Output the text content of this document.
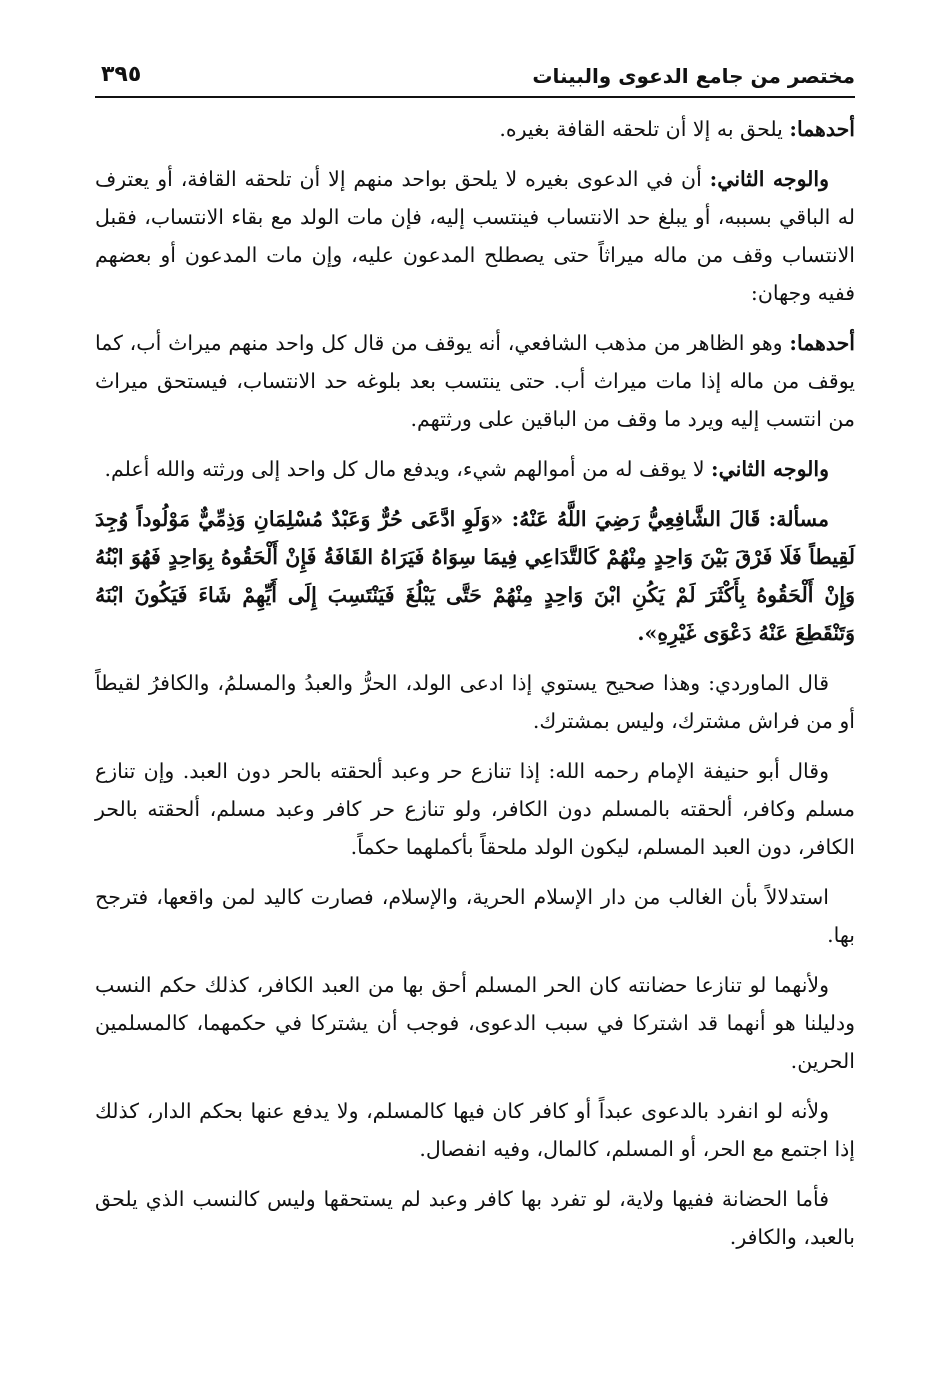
مختصر من جامع الدعوى والبينات
٣٩٥

أحدهما: يلحق به إلا أن تلحقه القافة بغيره.

والوجه الثاني: أن في الدعوى بغيره لا يلحق بواحد منهم إلا أن تلحقه القافة، أو يعترف له الباقي بسببه، أو يبلغ حد الانتساب فينتسب إليه، فإن مات الولد مع بقاء الانتساب، فقبل الانتساب وقف من ماله ميراثاً حتى يصطلح المدعون عليه، وإن مات المدعون أو بعضهم ففيه وجهان:

أحدهما: وهو الظاهر من مذهب الشافعي، أنه يوقف من قال كل واحد منهم ميراث أب، كما يوقف من ماله إذا مات ميراث أب. حتى ينتسب بعد بلوغه حد الانتساب، فيستحق ميراث من انتسب إليه ويرد ما وقف من الباقين على ورثتهم.

والوجه الثاني: لا يوقف له من أموالهم شيء، ويدفع مال كل واحد إلى ورثته والله أعلم.

مسألة: قَالَ الشَّافِعِيُّ رَضِيَ اللَّهُ عَنْهُ: «وَلَوِ ادَّعَى حُرٌّ وَعَبْدٌ مُسْلِمَانِ وَذِمِّيٌّ مَوْلُوداً وُجِدَ لَقِيطاً فَلَا فَرْقَ بَيْنَ وَاحِدٍ مِنْهُمْ كَالتَّدَاعِي فِيمَا سِوَاهُ فَيَرَاهُ القَافَةُ فَإِنْ أَلْحَقُوهُ بِوَاحِدٍ فَهُوَ ابْنُهُ وَإِنْ أَلْحَقُوهُ بِأَكْثَرَ لَمْ يَكُنِ ابْنَ وَاحِدٍ مِنْهُمْ حَتَّى يَبْلُغَ فَيَنْتَسِبَ إِلَى أَيِّهِمْ شَاءَ فَيَكُونَ ابْنَهُ وَتَنْقَطِعَ عَنْهُ دَعْوَى غَيْرِهِ».

قال الماوردي: وهذا صحيح يستوي إذا ادعى الولد، الحرُّ والعبدُ والمسلمُ، والكافرُ لقيطاً أو من فراش مشترك، وليس بمشترك.

وقال أبو حنيفة الإمام رحمه الله: إذا تنازع حر وعبد ألحقته بالحر دون العبد. وإن تنازع مسلم وكافر، ألحقته بالمسلم دون الكافر، ولو تنازع حر كافر وعبد مسلم، ألحقته بالحر الكافر، دون العبد المسلم، ليكون الولد ملحقاً بأكملهما حكماً.

استدلالاً بأن الغالب من دار الإسلام الحرية، والإسلام، فصارت كاليد لمن واقعها، فترجح بها.

ولأنهما لو تنازعا حضانته كان الحر المسلم أحق بها من العبد الكافر، كذلك حكم النسب ودليلنا هو أنهما قد اشتركا في سبب الدعوى، فوجب أن يشتركا في حكمهما، كالمسلمين الحرين.

ولأنه لو انفرد بالدعوى عبداً أو كافر كان فيها كالمسلم، ولا يدفع عنها بحكم الدار، كذلك إذا اجتمع مع الحر، أو المسلم، كالمال، وفيه انفصال.

فأما الحضانة ففيها ولاية، لو تفرد بها كافر وعبد لم يستحقها وليس كالنسب الذي يلحق بالعبد، والكافر.
